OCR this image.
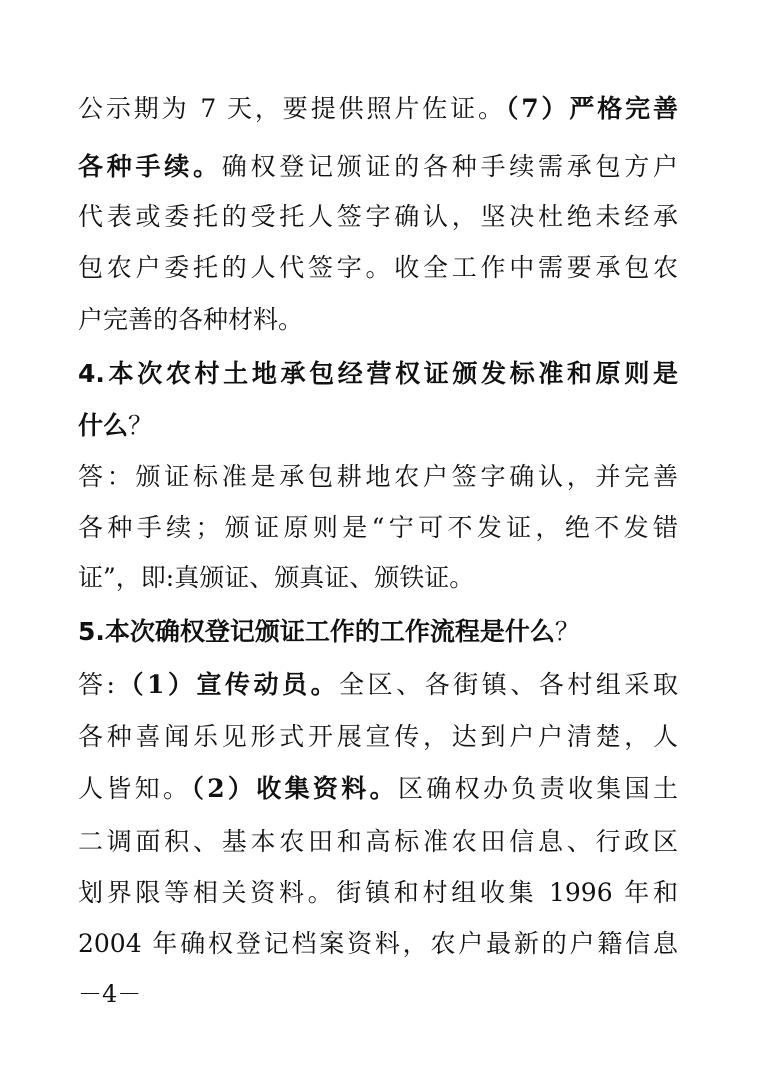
公示期为 7 天，要提供照片佐证。（7）严格完善
各种手续。确权登记颁证的各种手续需承包方户
代表或委托的受托人签字确认，坚决杜绝未经承
包农户委托的人代签字。收全工作中需要承包农
户完善的各种材料。
4.本次农村土地承包经营权证颁发标准和原则是
什么？
答：颁证标准是承包耕地农户签字确认，并完善
各种手续；颁证原则是“宁可不发证，绝不发错
证”，即:真颁证、颁真证、颁铁证。
5.本次确权登记颁证工作的工作流程是什么？
答:（1）宣传动员。全区、各街镇、各村组采取
各种喜闻乐见形式开展宣传，达到户户清楚，人
人皆知。（2）收集资料。区确权办负责收集国土
二调面积、基本农田和高标准农田信息、行政区
划界限等相关资料。街镇和村组收集 1996 年和
2004 年确权登记档案资料，农户最新的户籍信息
－4－
